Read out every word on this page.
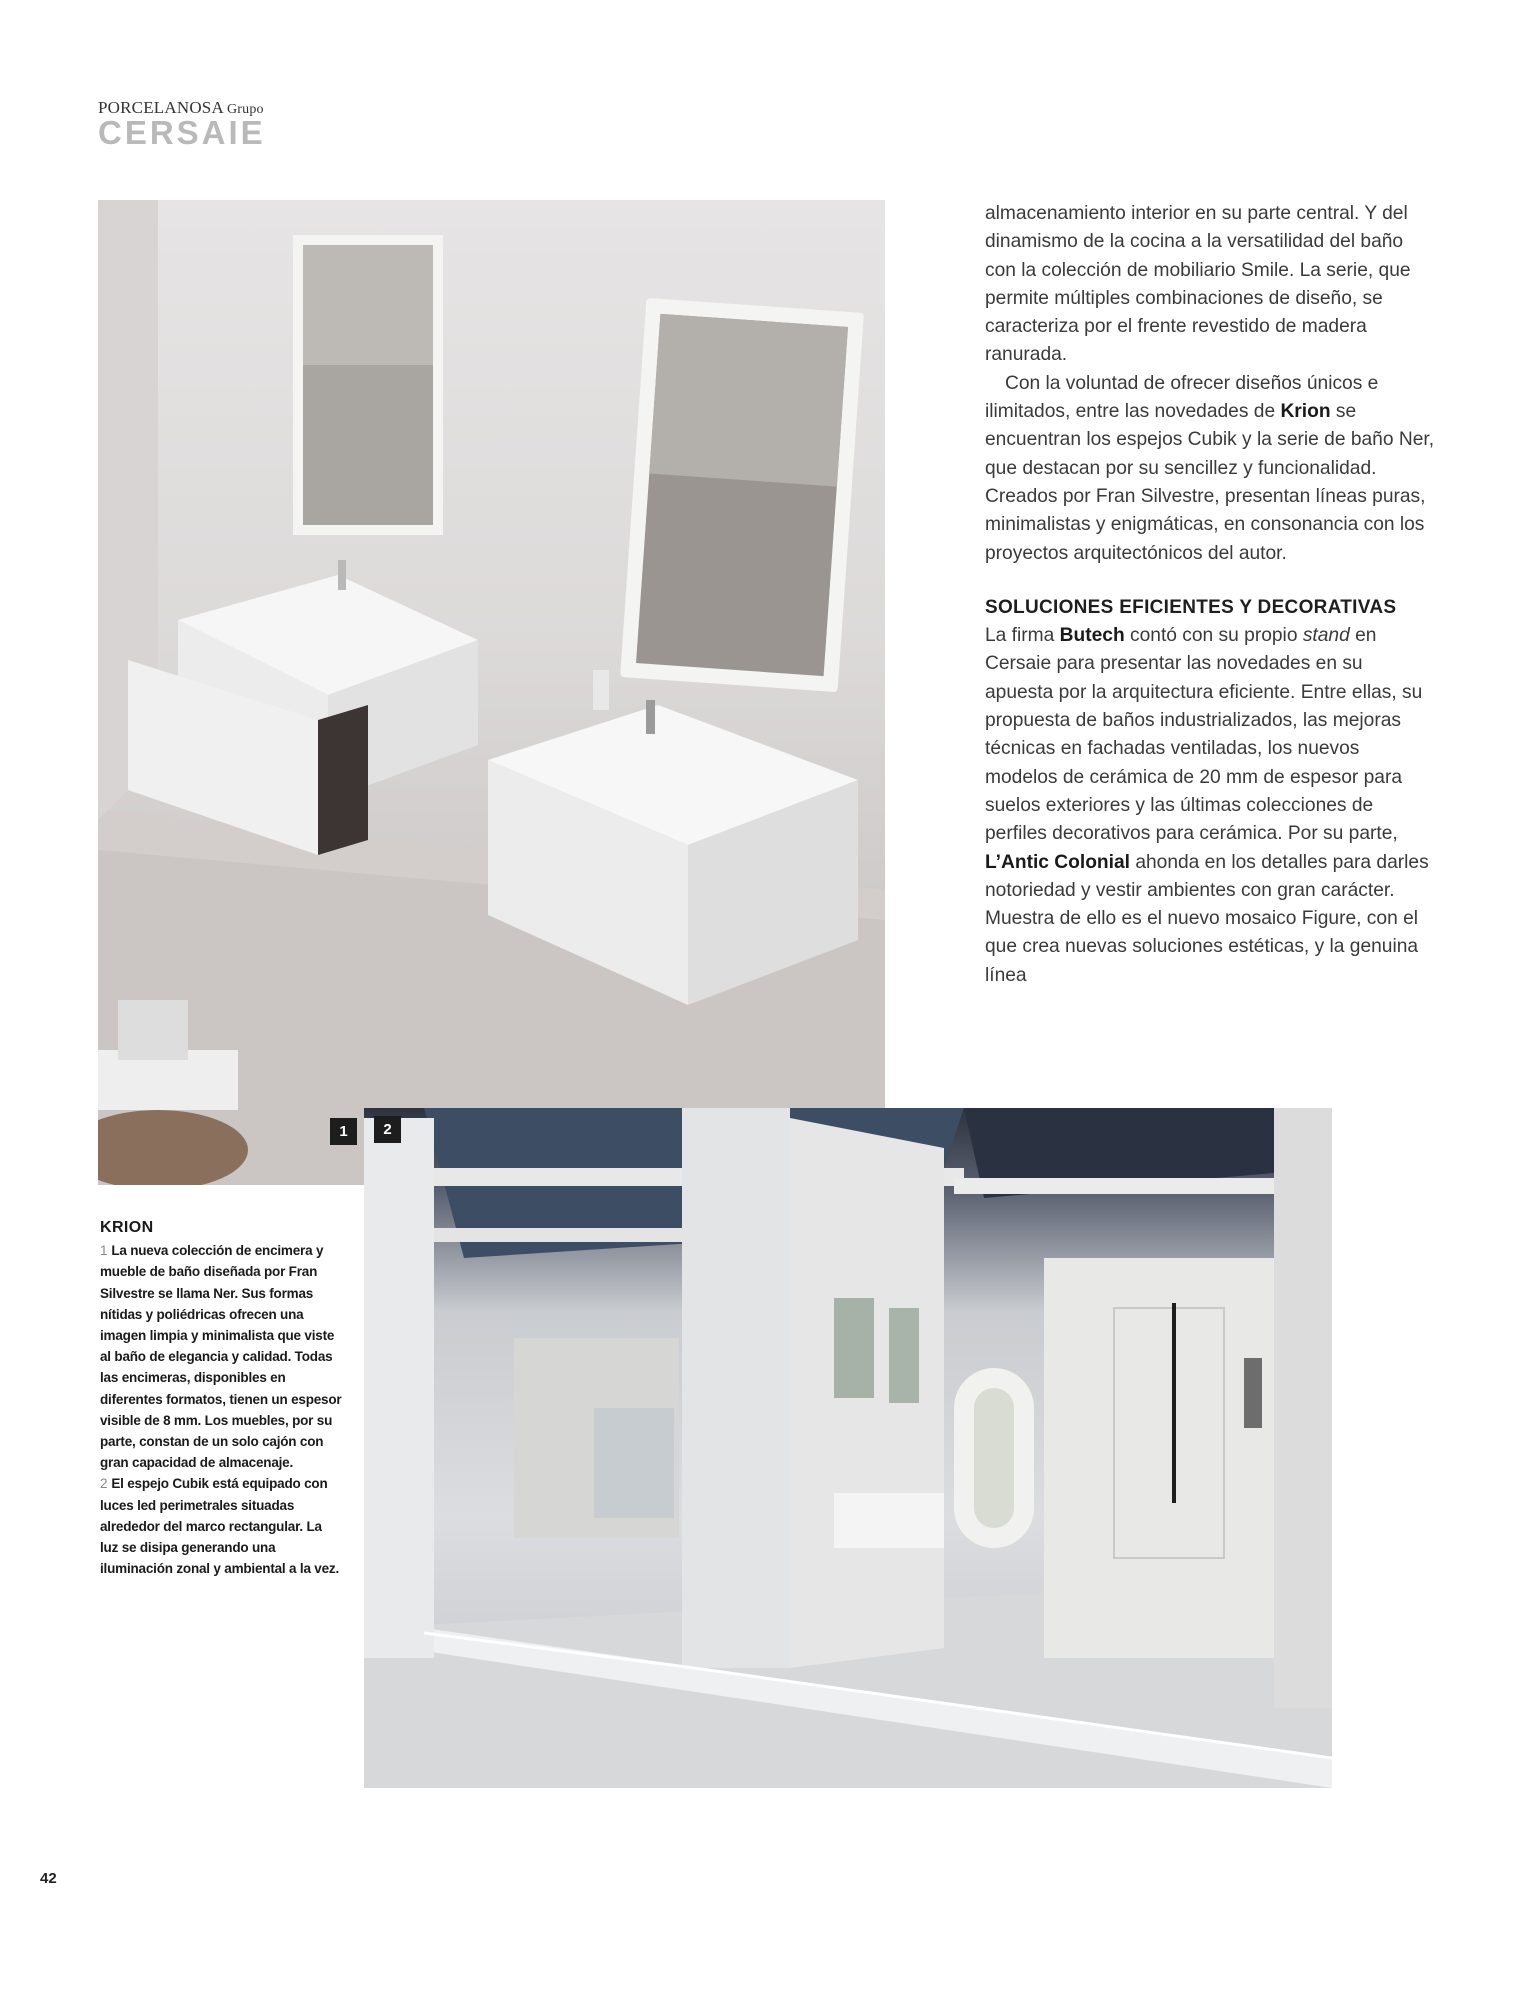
PORCELANOSA Grupo
CERSAIE
1	2

almacenamiento interior en su parte central. Y del dinamismo de la cocina a la versatilidad del baño con la colección de mobiliario Smile. La serie, que permite múltiples combinaciones de diseño, se caracteriza por el frente revestido de madera ranurada.

Con la voluntad de ofrecer diseños únicos e ilimitados, entre las novedades de Krion se encuentran los espejos Cubik y la serie de baño Ner, que destacan por su sencillez y funcionalidad. Creados por Fran Silvestre, presentan líneas puras, minimalistas y enigmáticas, en consonancia con los proyectos arquitectónicos del autor.

SOLUCIONES EFICIENTES Y DECORATIVAS

La firma Butech contó con su propio stand en Cersaie para presentar las novedades en su apuesta por la arquitectura eficiente. Entre ellas, su propuesta de baños industrializados, las mejoras técnicas en fachadas ventiladas, los nuevos modelos de cerámica de 20 mm de espesor para suelos exteriores y las últimas colecciones de perfiles decorativos para cerámica. Por su parte, L’Antic Colonial ahonda en los detalles para darles notoriedad y vestir ambientes con gran carácter. Muestra de ello es el nuevo mosaico Figure, con el que crea nuevas soluciones estéticas, y la genuina línea

KRION

1 La nueva colección de encimera y mueble de baño diseñada por Fran Silvestre se llama Ner. Sus formas nítidas y poliédricas ofrecen una imagen limpia y minimalista que viste al baño de elegancia y calidad. Todas las encimeras, disponibles en diferentes formatos, tienen un espesor visible de 8 mm. Los muebles, por su parte, constan de un solo cajón con gran capacidad de almacenaje.

2 El espejo Cubik está equipado con luces led perimetrales situadas alrededor del marco rectangular. La luz se disipa generando una iluminación zonal y ambiental a la vez.

42
